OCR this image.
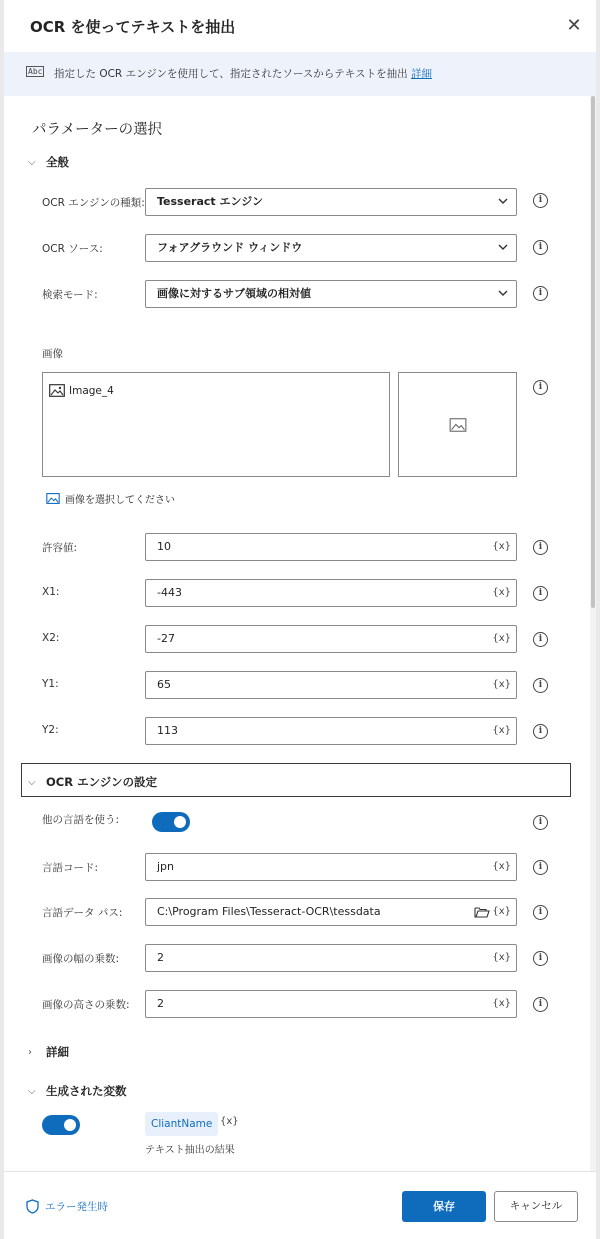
OCR を使ってテキストを抽出	✕
Abc 指定した OCR エンジンを使用して、指定されたソースからテキストを抽出 詳細
パラメーターの選択
⌵ 全般
OCR エンジンの種類:	Tesseract エンジン	i
OCR ソース:	フォアグラウンド ウィンドウ	i
検索モード:	画像に対するサブ領域の相対値	i
画像
Image_4	i
画像を選択してください
許容値:	10	{x}	i
X1:	-443	{x}	i
X2:	-27	{x}	i
Y1:	65	{x}	i
Y2:	113	{x}	i
⌵ OCR エンジンの設定
他の言語を使う:	i
言語コード:	jpn	{x}	i
言語データ パス:	C:\Program Files\Tesseract-OCR\tessdata	{x}	i
画像の幅の乗数:	2	{x}	i
画像の高さの乗数:	2	{x}	i
›	詳細
⌵ 生成された変数
CliantName {x}
テキスト抽出の結果
エラー発生時	保存	キャンセル
